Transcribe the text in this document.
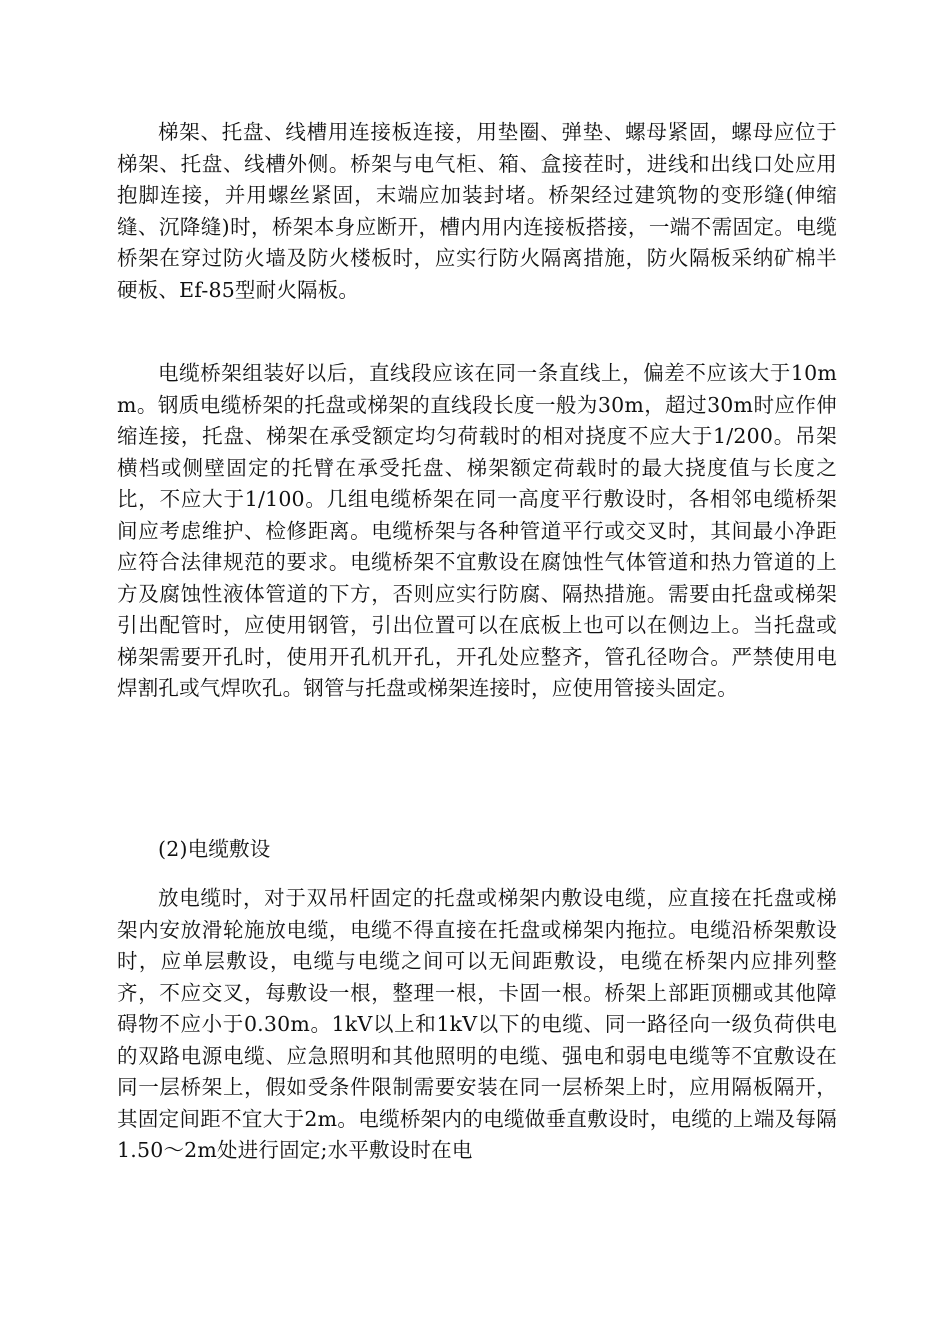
梯架、托盘、线槽用连接板连接，用垫圈、弹垫、螺母紧固，螺母应位于梯架、托盘、线槽外侧。桥架与电气柜、箱、盒接茬时，进线和出线口处应用抱脚连接，并用螺丝紧固，末端应加装封堵。桥架经过建筑物的变形缝(伸缩缝、沉降缝)时，桥架本身应断开，槽内用内连接板搭接，一端不需固定。电缆桥架在穿过防火墙及防火楼板时，应实行防火隔离措施，防火隔板采纳矿棉半硬板、Ef-85型耐火隔板。

电缆桥架组装好以后，直线段应该在同一条直线上，偏差不应该大于10mm。钢质电缆桥架的托盘或梯架的直线段长度一般为30m，超过30m时应作伸缩连接，托盘、梯架在承受额定均匀荷载时的相对挠度不应大于1/200。吊架横档或侧壁固定的托臂在承受托盘、梯架额定荷载时的最大挠度值与长度之比，不应大于1/100。几组电缆桥架在同一高度平行敷设时，各相邻电缆桥架间应考虑维护、检修距离。电缆桥架与各种管道平行或交叉时，其间最小净距应符合法律规范的要求。电缆桥架不宜敷设在腐蚀性气体管道和热力管道的上方及腐蚀性液体管道的下方，否则应实行防腐、隔热措施。需要由托盘或梯架引出配管时，应使用钢管，引出位置可以在底板上也可以在侧边上。当托盘或梯架需要开孔时，使用开孔机开孔，开孔处应整齐，管孔径吻合。严禁使用电焊割孔或气焊吹孔。钢管与托盘或梯架连接时，应使用管接头固定。

(2)电缆敷设

放电缆时，对于双吊杆固定的托盘或梯架内敷设电缆，应直接在托盘或梯架内安放滑轮施放电缆，电缆不得直接在托盘或梯架内拖拉。电缆沿桥架敷设时，应单层敷设，电缆与电缆之间可以无间距敷设，电缆在桥架内应排列整齐，不应交叉，每敷设一根，整理一根，卡固一根。桥架上部距顶棚或其他障碍物不应小于0.30m。1kV以上和1kV以下的电缆、同一路径向一级负荷供电的双路电源电缆、应急照明和其他照明的电缆、强电和弱电电缆等不宜敷设在同一层桥架上，假如受条件限制需要安装在同一层桥架上时，应用隔板隔开，其固定间距不宜大于2m。电缆桥架内的电缆做垂直敷设时，电缆的上端及每隔1.50～2m处进行固定;水平敷设时在电
